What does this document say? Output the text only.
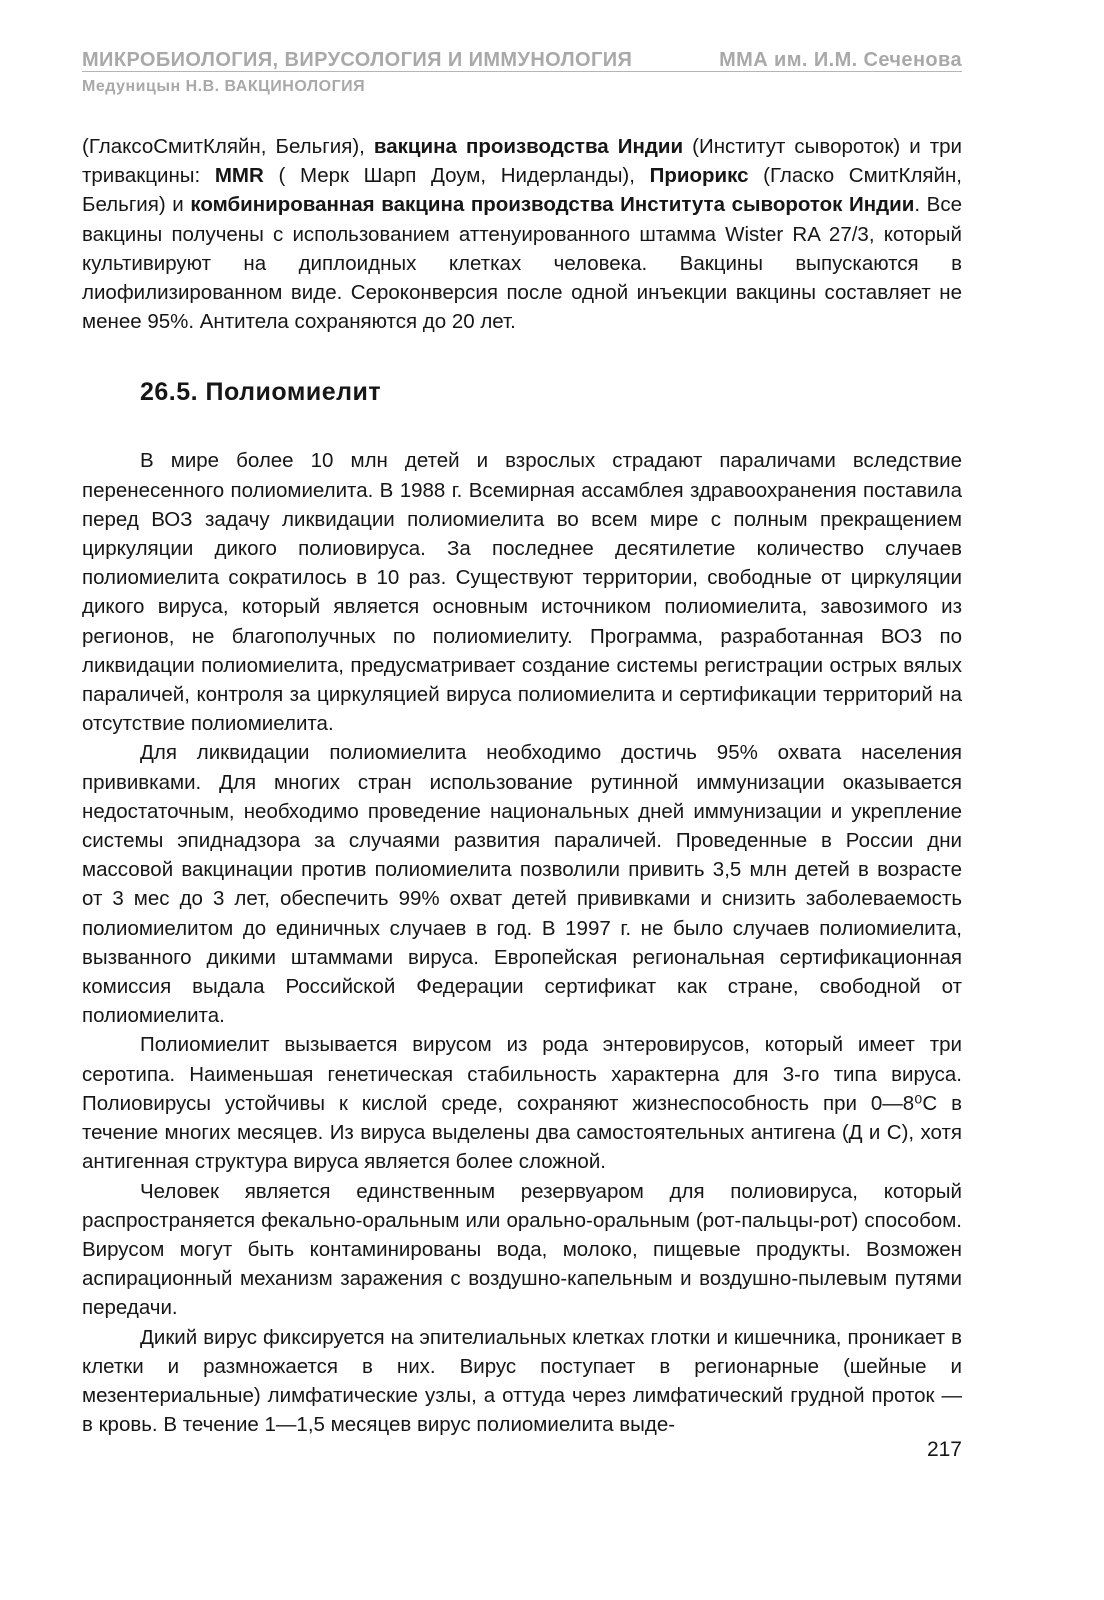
МИКРОБИОЛОГИЯ, ВИРУСОЛОГИЯ И ИММУНОЛОГИЯ	ММА им. И.М. Сеченова
Медуницын Н.В. ВАКЦИНОЛОГИЯ

(ГлаксоСмитКляйн, Бельгия), вакцина производства Индии (Институт сывороток) и три тривакцины: MMR ( Мерк Шарп Доум, Нидерланды), Приорикс (Гласко СмитКляйн, Бельгия) и комбинированная вакцина производства Института сывороток Индии. Все вакцины получены с использованием аттенуированного штамма Wister RA 27/3, который культивируют на диплоидных клетках человека. Вакцины выпускаются в лиофилизированном виде. Сероконверсия после одной инъекции вакцины составляет не менее 95%. Антитела сохраняются до 20 лет.

26.5. Полиомиелит

В мире более 10 млн детей и взрослых страдают параличами вследствие перенесенного полиомиелита. В 1988 г. Всемирная ассамблея здравоохранения поставила перед ВОЗ задачу ликвидации полиомиелита во всем мире с полным прекращением циркуляции дикого полиовируса. За последнее десятилетие количество случаев полиомиелита сократилось в 10 раз. Существуют территории, свободные от циркуляции дикого вируса, который является основным источником полиомиелита, завозимого из регионов, не благополучных по полиомиелиту. Программа, разработанная ВОЗ по ликвидации полиомиелита, предусматривает создание системы регистрации острых вялых параличей, контроля за циркуляцией вируса полиомиелита и сертификации территорий на отсутствие полиомиелита.

Для ликвидации полиомиелита необходимо достичь 95% охвата населения прививками. Для многих стран использование рутинной иммунизации оказывается недостаточным, необходимо проведение национальных дней иммунизации и укрепление системы эпиднадзора за случаями развития параличей. Проведенные в России дни массовой вакцинации против полиомиелита позволили привить 3,5 млн детей в возрасте от 3 мес до 3 лет, обеспечить 99% охват детей прививками и снизить заболеваемость полиомиелитом до единичных случаев в год. В 1997 г. не было случаев полиомиелита, вызванного дикими штаммами вируса. Европейская региональная сертификационная комиссия выдала Российской Федерации сертификат как стране, свободной от полиомиелита.

Полиомиелит вызывается вирусом из рода энтеровирусов, который имеет три серотипа. Наименьшая генетическая стабильность характерна для 3-го типа вируса. Полиовирусы устойчивы к кислой среде, сохраняют жизнеспособность при 0—8⁰С в течение многих месяцев. Из вируса выделены два самостоятельных антигена (Д и С), хотя антигенная структура вируса является более сложной.

Человек является единственным резервуаром для полиовируса, который распространяется фекально-оральным или орально-оральным (рот-пальцы-рот) способом. Вирусом могут быть контаминированы вода, молоко, пищевые продукты. Возможен аспирационный механизм заражения с воздушно-капельным и воздушно-пылевым путями передачи.

Дикий вирус фиксируется на эпителиальных клетках глотки и кишечника, проникает в клетки и размножается в них. Вирус поступает в регионарные (шейные и мезентериальные) лимфатические узлы, а оттуда через лимфатический грудной проток — в кровь. В течение 1—1,5 месяцев вирус полиомиелита выде-

217
